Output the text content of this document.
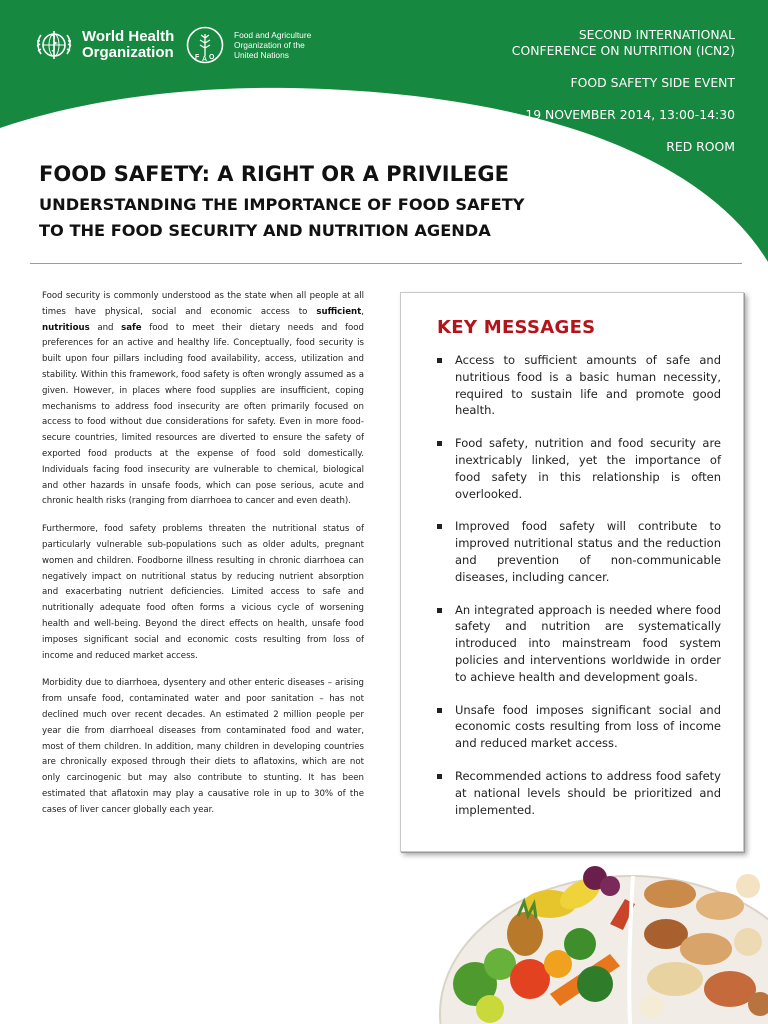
World Health
Organization	F A O
Food and Agriculture
Organization of the
United Nations
SECOND INTERNATIONAL
CONFERENCE ON NUTRITION (ICN2)
FOOD SAFETY SIDE EVENT
19 NOVEMBER 2014, 13:00-14:30
RED ROOM
FOOD SAFETY: A RIGHT OR A PRIVILEGE
UNDERSTANDING THE IMPORTANCE OF FOOD SAFETY
TO THE FOOD SECURITY AND NUTRITION AGENDA

Food security is commonly understood as the state when all people at all times have physical, social and economic access to sufficient, nutritious and safe food to meet their dietary needs and food preferences for an active and healthy life. Conceptually, food security is built upon four pillars including food availability, access, utilization and stability. Within this framework, food safety is often wrongly assumed as a given. However, in places where food supplies are insufficient, coping mechanisms to address food insecurity are often primarily focused on access to food without due considerations for safety. Even in more food-secure countries, limited resources are diverted to ensure the safety of exported food products at the expense of food sold domestically. Individuals facing food insecurity are vulnerable to chemical, biological and other hazards in unsafe foods, which can pose serious, acute and chronic health risks (ranging from diarrhoea to cancer and even death).

Furthermore, food safety problems threaten the nutritional status of particularly vulnerable sub-populations such as older adults, pregnant women and children. Foodborne illness resulting in chronic diarrhoea can negatively impact on nutritional status by reducing nutrient absorption and exacerbating nutrient deficiencies. Limited access to safe and nutritionally adequate food often forms a vicious cycle of worsening health and well-being. Beyond the direct effects on health, unsafe food imposes significant social and economic costs resulting from loss of income and reduced market access.

Morbidity due to diarrhoea, dysentery and other enteric diseases – arising from unsafe food, contaminated water and poor sanitation – has not declined much over recent decades. An estimated 2 million people per year die from diarrhoeal diseases from contaminated food and water, most of them children. In addition, many children in developing countries are chronically exposed through their diets to aflatoxins, which are not only carcinogenic but may also contribute to stunting. It has been estimated that aflatoxin may play a causative role in up to 30% of the cases of liver cancer globally each year.

KEY MESSAGES
Access to sufficient amounts of safe and nutritious food is a basic human necessity, required to sustain life and promote good health.
Food safety, nutrition and food security are inextricably linked, yet the importance of food safety in this relationship is often overlooked.
Improved food safety will contribute to improved nutritional status and the reduction and prevention of non-communicable diseases, including cancer.
An integrated approach is needed where food safety and nutrition are systematically introduced into mainstream food system policies and interventions worldwide in order to achieve health and development goals.
Unsafe food imposes significant social and economic costs resulting from loss of income and reduced market access.
Recommended actions to address food safety at national levels should be prioritized and implemented.
